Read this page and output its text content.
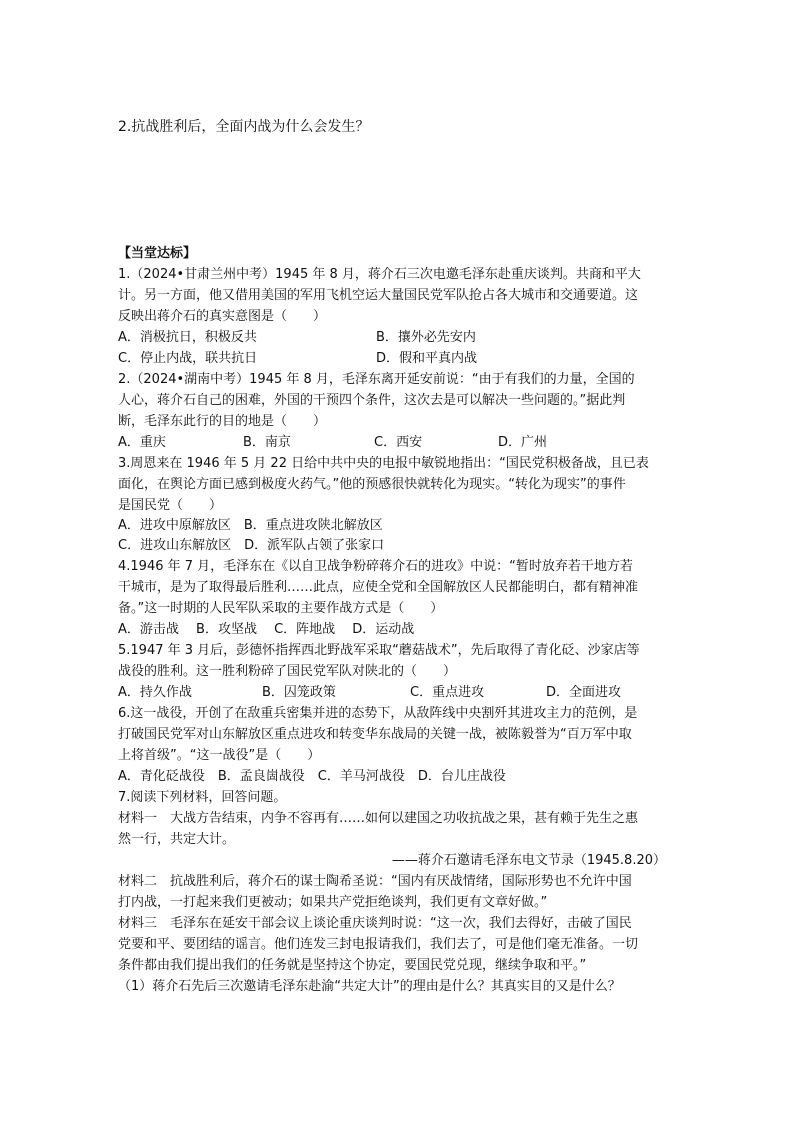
2.抗战胜利后，全面内战为什么会发生？
【当堂达标】
1.（2024•甘肃兰州中考）1945 年 8 月，蒋介石三次电邀毛泽东赴重庆谈判。共商和平大
计。另一方面，他又借用美国的军用飞机空运大量国民党军队抢占各大城市和交通要道。这
反映出蒋介石的真实意图是（　　）
A．消极抗日，积极反共	B．攘外必先安内
C．停止内战，联共抗日	D．假和平真内战
2.（2024•湖南中考）1945 年 8 月，毛泽东离开延安前说：“由于有我们的力量，全国的
人心，蒋介石自己的困难，外国的干预四个条件，这次去是可以解决一些问题的。”据此判
断，毛泽东此行的目的地是（　　）
A．重庆	B．南京	C．西安	D．广州
3.周恩来在 1946 年 5 月 22 日给中共中央的电报中敏锐地指出：“国民党积极备战，且已表
面化，在舆论方面已感到极度火药气。”他的预感很快就转化为现实。“转化为现实”的事件
是国民党（　　）
A．进攻中原解放区　B．重点进攻陕北解放区
C．进攻山东解放区　D．派军队占领了张家口
4.1946 年 7 月，毛泽东在《以自卫战争粉碎蒋介石的进攻》中说：“暂时放弃若干地方若
干城市，是为了取得最后胜利……此点，应使全党和全国解放区人民都能明白，都有精神准
备。”这一时期的人民军队采取的主要作战方式是（　　）
A．游击战　 B．攻坚战　 C．阵地战　 D．运动战
5.1947 年 3 月后，彭德怀指挥西北野战军采取“蘑菇战术”，先后取得了青化砭、沙家店等
战役的胜利。这一胜利粉碎了国民党军队对陕北的（　　）
A．持久作战	B．囚笼政策	C．重点进攻	D．全面进攻
6.这一战役，开创了在敌重兵密集并进的态势下，从敌阵线中央割歼其进攻主力的范例，是
打破国民党军对山东解放区重点进攻和转变华东战局的关键一战，被陈毅誉为“百万军中取
上将首级”。“这一战役”是（　　）
A．青化砭战役　B．孟良崮战役　C．羊马河战役　D．台儿庄战役
7.阅读下列材料，回答问题。
材料一　大战方告结束，内争不容再有……如何以建国之功收抗战之果，甚有赖于先生之惠
然一行，共定大计。
——蒋介石邀请毛泽东电文节录（1945.8.20）
材料二　抗战胜利后，蒋介石的谋士陶希圣说：“国内有厌战情绪，国际形势也不允许中国
打内战，一打起来我们更被动；如果共产党拒绝谈判，我们更有文章好做。”
材料三　毛泽东在延安干部会议上谈论重庆谈判时说：“这一次，我们去得好，击破了国民
党要和平、要团结的谣言。他们连发三封电报请我们，我们去了，可是他们毫无准备。一切
条件都由我们提出我们的任务就是坚持这个协定，要国民党兑现，继续争取和平。”
（1）蒋介石先后三次邀请毛泽东赴渝“共定大计”的理由是什么？其真实目的又是什么？
